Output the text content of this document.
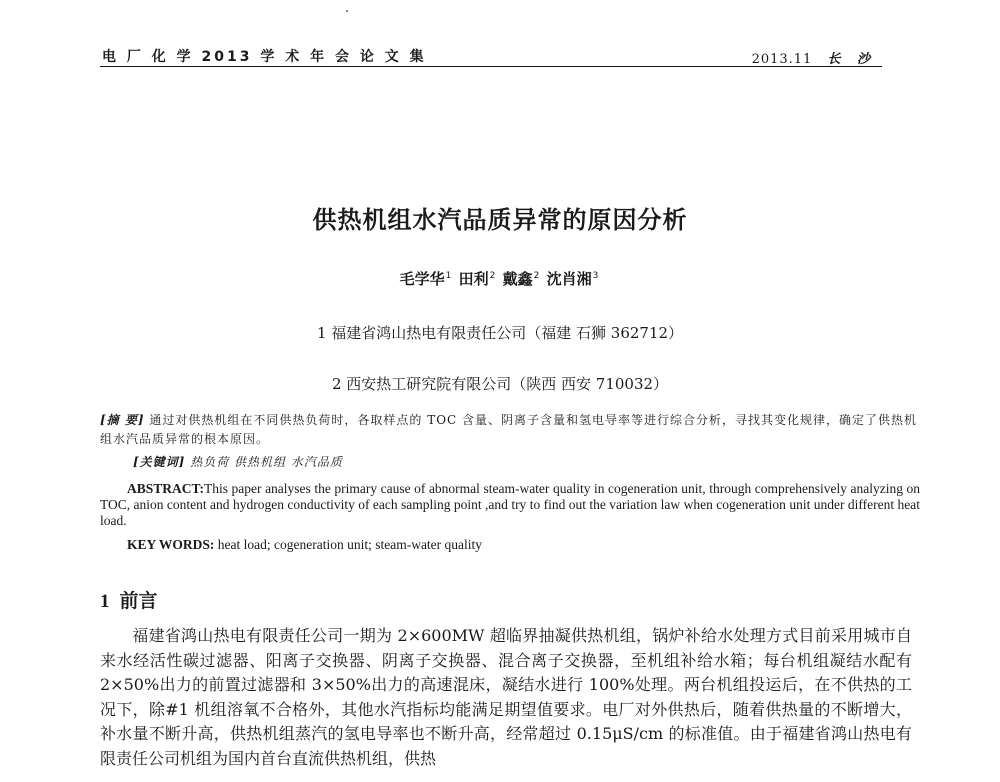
电 厂 化 学 2013 学 术 年 会 论 文 集	2013.11 长 沙
供热机组水汽品质异常的原因分析
毛学华$^1$ 田利$^2$ 戴鑫$^2$ 沈肖湘$^3$
1 福建省鸿山热电有限责任公司（福建 石狮 362712）
2 西安热工研究院有限公司（陕西 西安 710032）
[摘 要] 通过对供热机组在不同供热负荷时，各取样点的 TOC 含量、阴离子含量和氢电导率等进行综合分析，寻找其变化规律，确定了供热机组水汽品质异常的根本原因。
[关键词] 热负荷 供热机组 水汽品质
ABSTRACT:This paper analyses the primary cause of abnormal steam-water quality in cogeneration unit, through comprehensively analyzing on TOC, anion content and hydrogen conductivity of each sampling point ,and try to find out the variation law when cogeneration unit under different heat load.
KEY WORDS: heat load; cogeneration unit; steam-water quality
1 前言
福建省鸿山热电有限责任公司一期为 2×600MW 超临界抽凝供热机组，锅炉补给水处理方式目前采用城市自来水经活性碳过滤器、阳离子交换器、阴离子交换器、混合离子交换器，至机组补给水箱；每台机组凝结水配有 2×50%出力的前置过滤器和 3×50%出力的高速混床，凝结水进行 100%处理。两台机组投运后，在不供热的工况下，除#1 机组溶氧不合格外，其他水汽指标均能满足期望值要求。电厂对外供热后，随着供热量的不断增大，补水量不断升高，供热机组蒸汽的氢电导率也不断升高，经常超过 0.15μS/cm 的标准值。由于福建省鸿山热电有限责任公司机组为国内首台直流供热机组，供热
